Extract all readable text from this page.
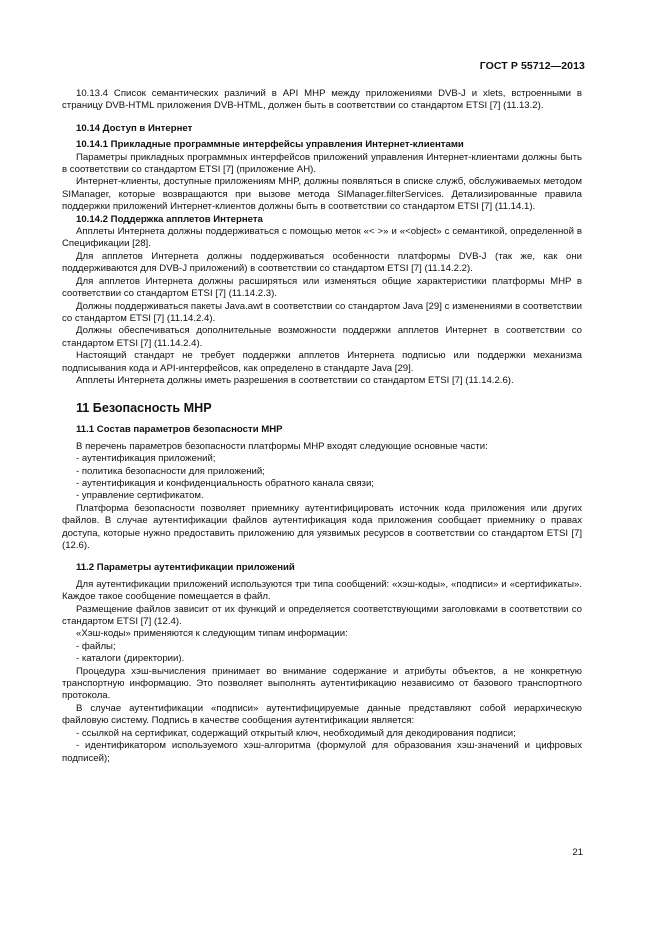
ГОСТ Р 55712—2013

10.13.4 Список семантических различий в API MHP между приложениями DVB-J и xlets, встроенными в страницу DVB-HTML приложения DVB-HTML, должен быть в соответствии со стандартом ETSI [7] (11.13.2).

10.14 Доступ в Интернет

10.14.1 Прикладные программные интерфейсы управления Интернет-клиентами

Параметры прикладных программных интерфейсов приложений управления Интернет-клиентами должны быть в соответствии со стандартом ETSI [7] (приложение AH).

Интернет-клиенты, доступные приложениям MHP, должны появляться в списке служб, обслуживаемых методом SIManager, которые возвращаются при вызове метода SIManager.filterServices. Детализированные правила поддержки приложений Интернет-клиентов должны быть в соответствии со стандартом ETSI [7] (11.14.1).

10.14.2 Поддержка апплетов Интернета

Апплеты Интернета должны поддерживаться с помощью меток «< >» и «<object» с семантикой, определенной в Спецификации [28].

Для апплетов Интернета должны поддерживаться особенности платформы DVB-J (так же, как они поддерживаются для DVB-J приложений) в соответствии со стандартом ETSI [7] (11.14.2.2).

Для апплетов Интернета должны расширяться или изменяться общие характеристики платформы MHP в соответствии со стандартом ETSI [7] (11.14.2.3).

Должны поддерживаться пакеты Java.awt в соответствии со стандартом Java [29] с изменениями в соответствии со стандартом ETSI [7] (11.14.2.4).

Должны обеспечиваться дополнительные возможности поддержки апплетов Интернет в соответствии со стандартом ETSI [7] (11.14.2.4).

Настоящий стандарт не требует поддержки апплетов Интернета подписью или поддержки механизма подписывания кода и API-интерфейсов, как определено в стандарте Java [29].

Апплеты Интернета должны иметь разрешения в соответствии со стандартом ETSI [7] (11.14.2.6).

11 Безопасность MHP

11.1 Состав параметров безопасности MHP

В перечень параметров безопасности платформы MHP входят следующие основные части:

- аутентификация приложений;

- политика безопасности для приложений;

- аутентификация и конфиденциальность обратного канала связи;

- управление сертификатом.

Платформа безопасности позволяет приемнику аутентифицировать источник кода приложения или других файлов. В случае аутентификации файлов аутентификация кода приложения сообщает приемнику о правах доступа, которые нужно предоставить приложению для уязвимых ресурсов в соответствии со стандартом ETSI [7] (12.6).

11.2 Параметры аутентификации приложений

Для аутентификации приложений используются три типа сообщений: «хэш-коды», «подписи» и «сертификаты». Каждое такое сообщение помещается в файл.

Размещение файлов зависит от их функций и определяется соответствующими заголовками в соответствии со стандартом ETSI [7] (12.4).

«Хэш-коды» применяются к следующим типам информации:

- файлы;

- каталоги (директории).

Процедура хэш-вычисления принимает во внимание содержание и атрибуты объектов, а не конкретную транспортную информацию. Это позволяет выполнять аутентификацию независимо от базового транспортного протокола.

В случае аутентификации «подписи» аутентифицируемые данные представляют собой иерархическую файловую систему. Подпись в качестве сообщения аутентификации является:

- ссылкой на сертификат, содержащий открытый ключ, необходимый для декодирования подписи;

- идентификатором используемого хэш-алгоритма (формулой для образования хэш-значений и цифровых подписей);

21
